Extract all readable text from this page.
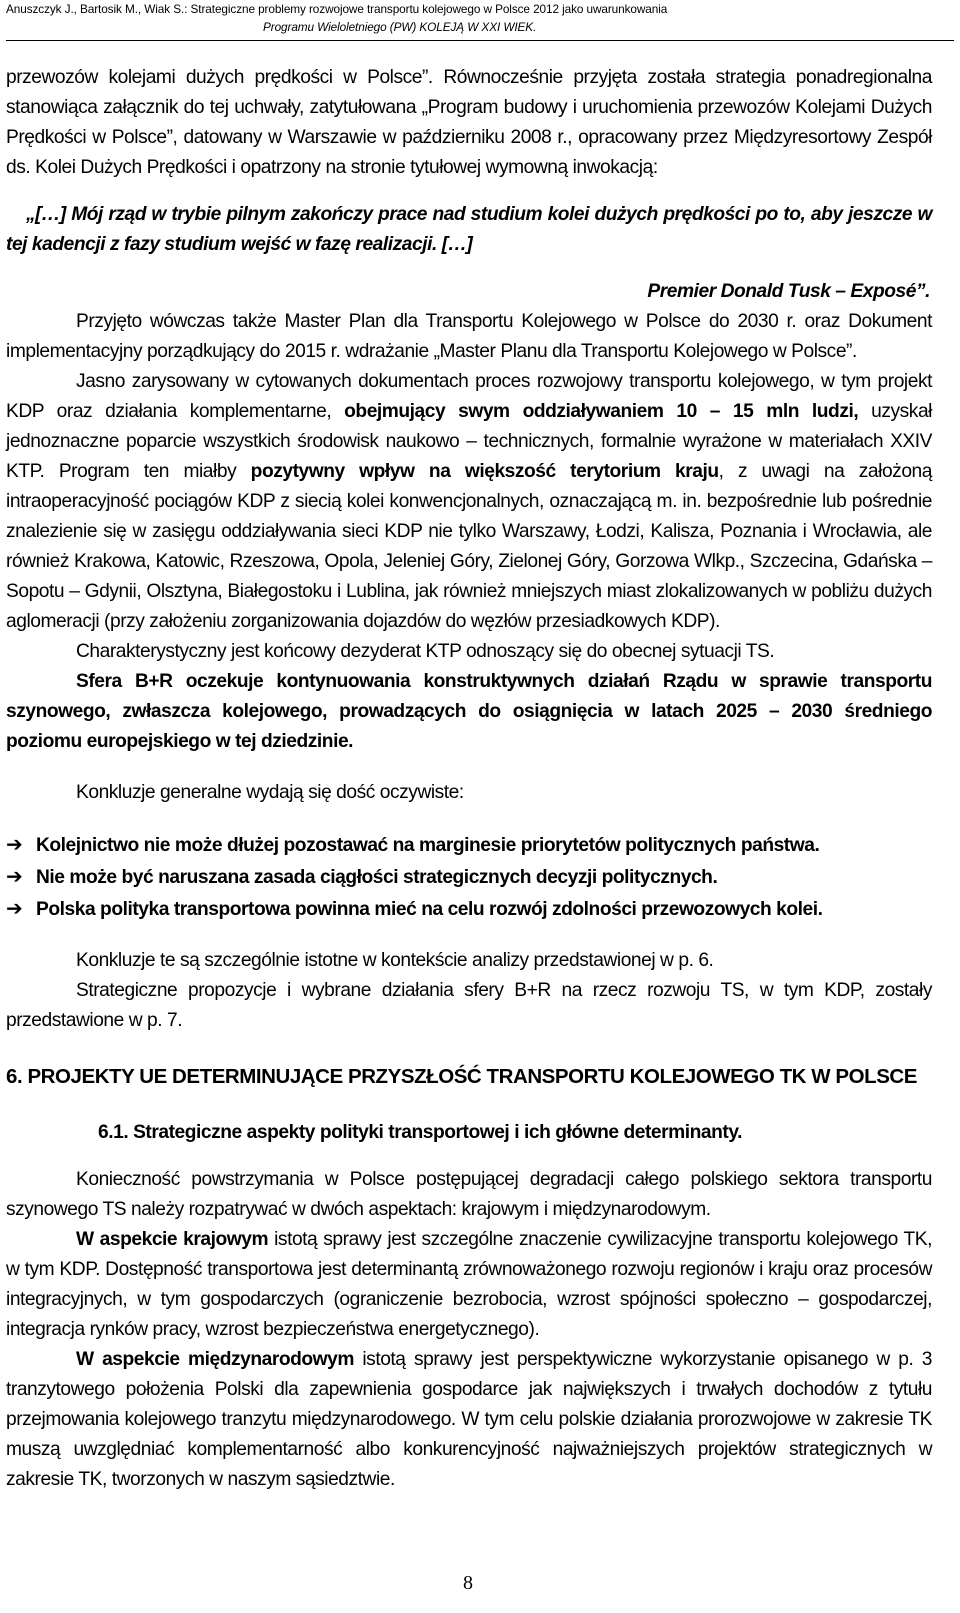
Anuszczyk J., Bartosik M., Wiak S.: Strategiczne problemy rozwojowe transportu kolejowego w Polsce 2012 jako uwarunkowania
Programu Wieloletniego (PW) KOLEJĄ W XXI WIEK.

przewozów kolejami dużych prędkości w Polsce”. Równocześnie przyjęta została strategia ponadregionalna stanowiąca załącznik do tej uchwały, zatytułowana „Program budowy i uruchomienia przewozów Kolejami Dużych Prędkości w Polsce”, datowany w Warszawie w październiku 2008 r., opracowany przez Międzyresortowy Zespół ds. Kolei Dużych Prędkości i opatrzony na stronie tytułowej wymowną inwokacją:

„[…] Mój rząd w trybie pilnym zakończy prace nad studium kolei dużych prędkości po to, aby jeszcze w tej kadencji z fazy studium wejść w fazę realizacji. […]

Premier Donald Tusk – Exposé”.

Przyjęto wówczas także Master Plan dla Transportu Kolejowego w Polsce do 2030 r. oraz Dokument implementacyjny porządkujący do 2015 r. wdrażanie „Master Planu dla Transportu Kolejowego w Polsce”.

Jasno zarysowany w cytowanych dokumentach proces rozwojowy transportu kolejowego, w tym projekt KDP oraz działania komplementarne, obejmujący swym oddziaływaniem 10 – 15 mln ludzi, uzyskał jednoznaczne poparcie wszystkich środowisk naukowo – technicznych, formalnie wyrażone w materiałach XXIV KTP. Program ten miałby pozytywny wpływ na większość terytorium kraju, z uwagi na założoną intraoperacyjność pociągów KDP z siecią kolei konwencjonalnych, oznaczającą m. in. bezpośrednie lub pośrednie znalezienie się w zasięgu oddziaływania sieci KDP nie tylko Warszawy, Łodzi, Kalisza, Poznania i Wrocławia, ale również Krakowa, Katowic, Rzeszowa, Opola, Jeleniej Góry, Zielonej Góry, Gorzowa Wlkp., Szczecina, Gdańska – Sopotu – Gdynii, Olsztyna, Białegostoku i Lublina, jak również mniejszych miast zlokalizowanych w pobliżu dużych aglomeracji (przy założeniu zorganizowania dojazdów do węzłów przesiadkowych KDP).

Charakterystyczny jest końcowy dezyderat KTP odnoszący się do obecnej sytuacji TS.

Sfera B+R oczekuje kontynuowania konstruktywnych działań Rządu w sprawie transportu szynowego, zwłaszcza kolejowego, prowadzących do osiągnięcia w latach 2025 – 2030 średniego poziomu europejskiego w tej dziedzinie.

Konkluzje generalne wydają się dość oczywiste:

➔ Kolejnictwo nie może dłużej pozostawać na marginesie priorytetów politycznych państwa.

➔ Nie może być naruszana zasada ciągłości strategicznych decyzji politycznych.

➔ Polska polityka transportowa powinna mieć na celu rozwój zdolności przewozowych kolei.

Konkluzje te są szczególnie istotne w kontekście analizy przedstawionej w p. 6.

Strategiczne propozycje i wybrane działania sfery B+R na rzecz rozwoju TS, w tym KDP, zostały przedstawione w p. 7.

6. PROJEKTY UE DETERMINUJĄCE PRZYSZŁOŚĆ TRANSPORTU KOLEJOWEGO TK W POLSCE

6.1. Strategiczne aspekty polityki transportowej i ich główne determinanty.

Konieczność powstrzymania w Polsce postępującej degradacji całego polskiego sektora transportu szynowego TS należy rozpatrywać w dwóch aspektach: krajowym i międzynarodowym.

W aspekcie krajowym istotą sprawy jest szczególne znaczenie cywilizacyjne transportu kolejowego TK, w tym KDP. Dostępność transportowa jest determinantą zrównoważonego rozwoju regionów i kraju oraz procesów integracyjnych, w tym gospodarczych (ograniczenie bezrobocia, wzrost spójności społeczno – gospodarczej, integracja rynków pracy, wzrost bezpieczeństwa energetycznego).

W aspekcie międzynarodowym istotą sprawy jest perspektywiczne wykorzystanie opisanego w p. 3 tranzytowego położenia Polski dla zapewnienia gospodarce jak największych i trwałych dochodów z tytułu przejmowania kolejowego tranzytu międzynarodowego. W tym celu polskie działania prorozwojowe w zakresie TK muszą uwzględniać komplementarność albo konkurencyjność najważniejszych projektów strategicznych w zakresie TK, tworzonych w naszym sąsiedztwie.

8
